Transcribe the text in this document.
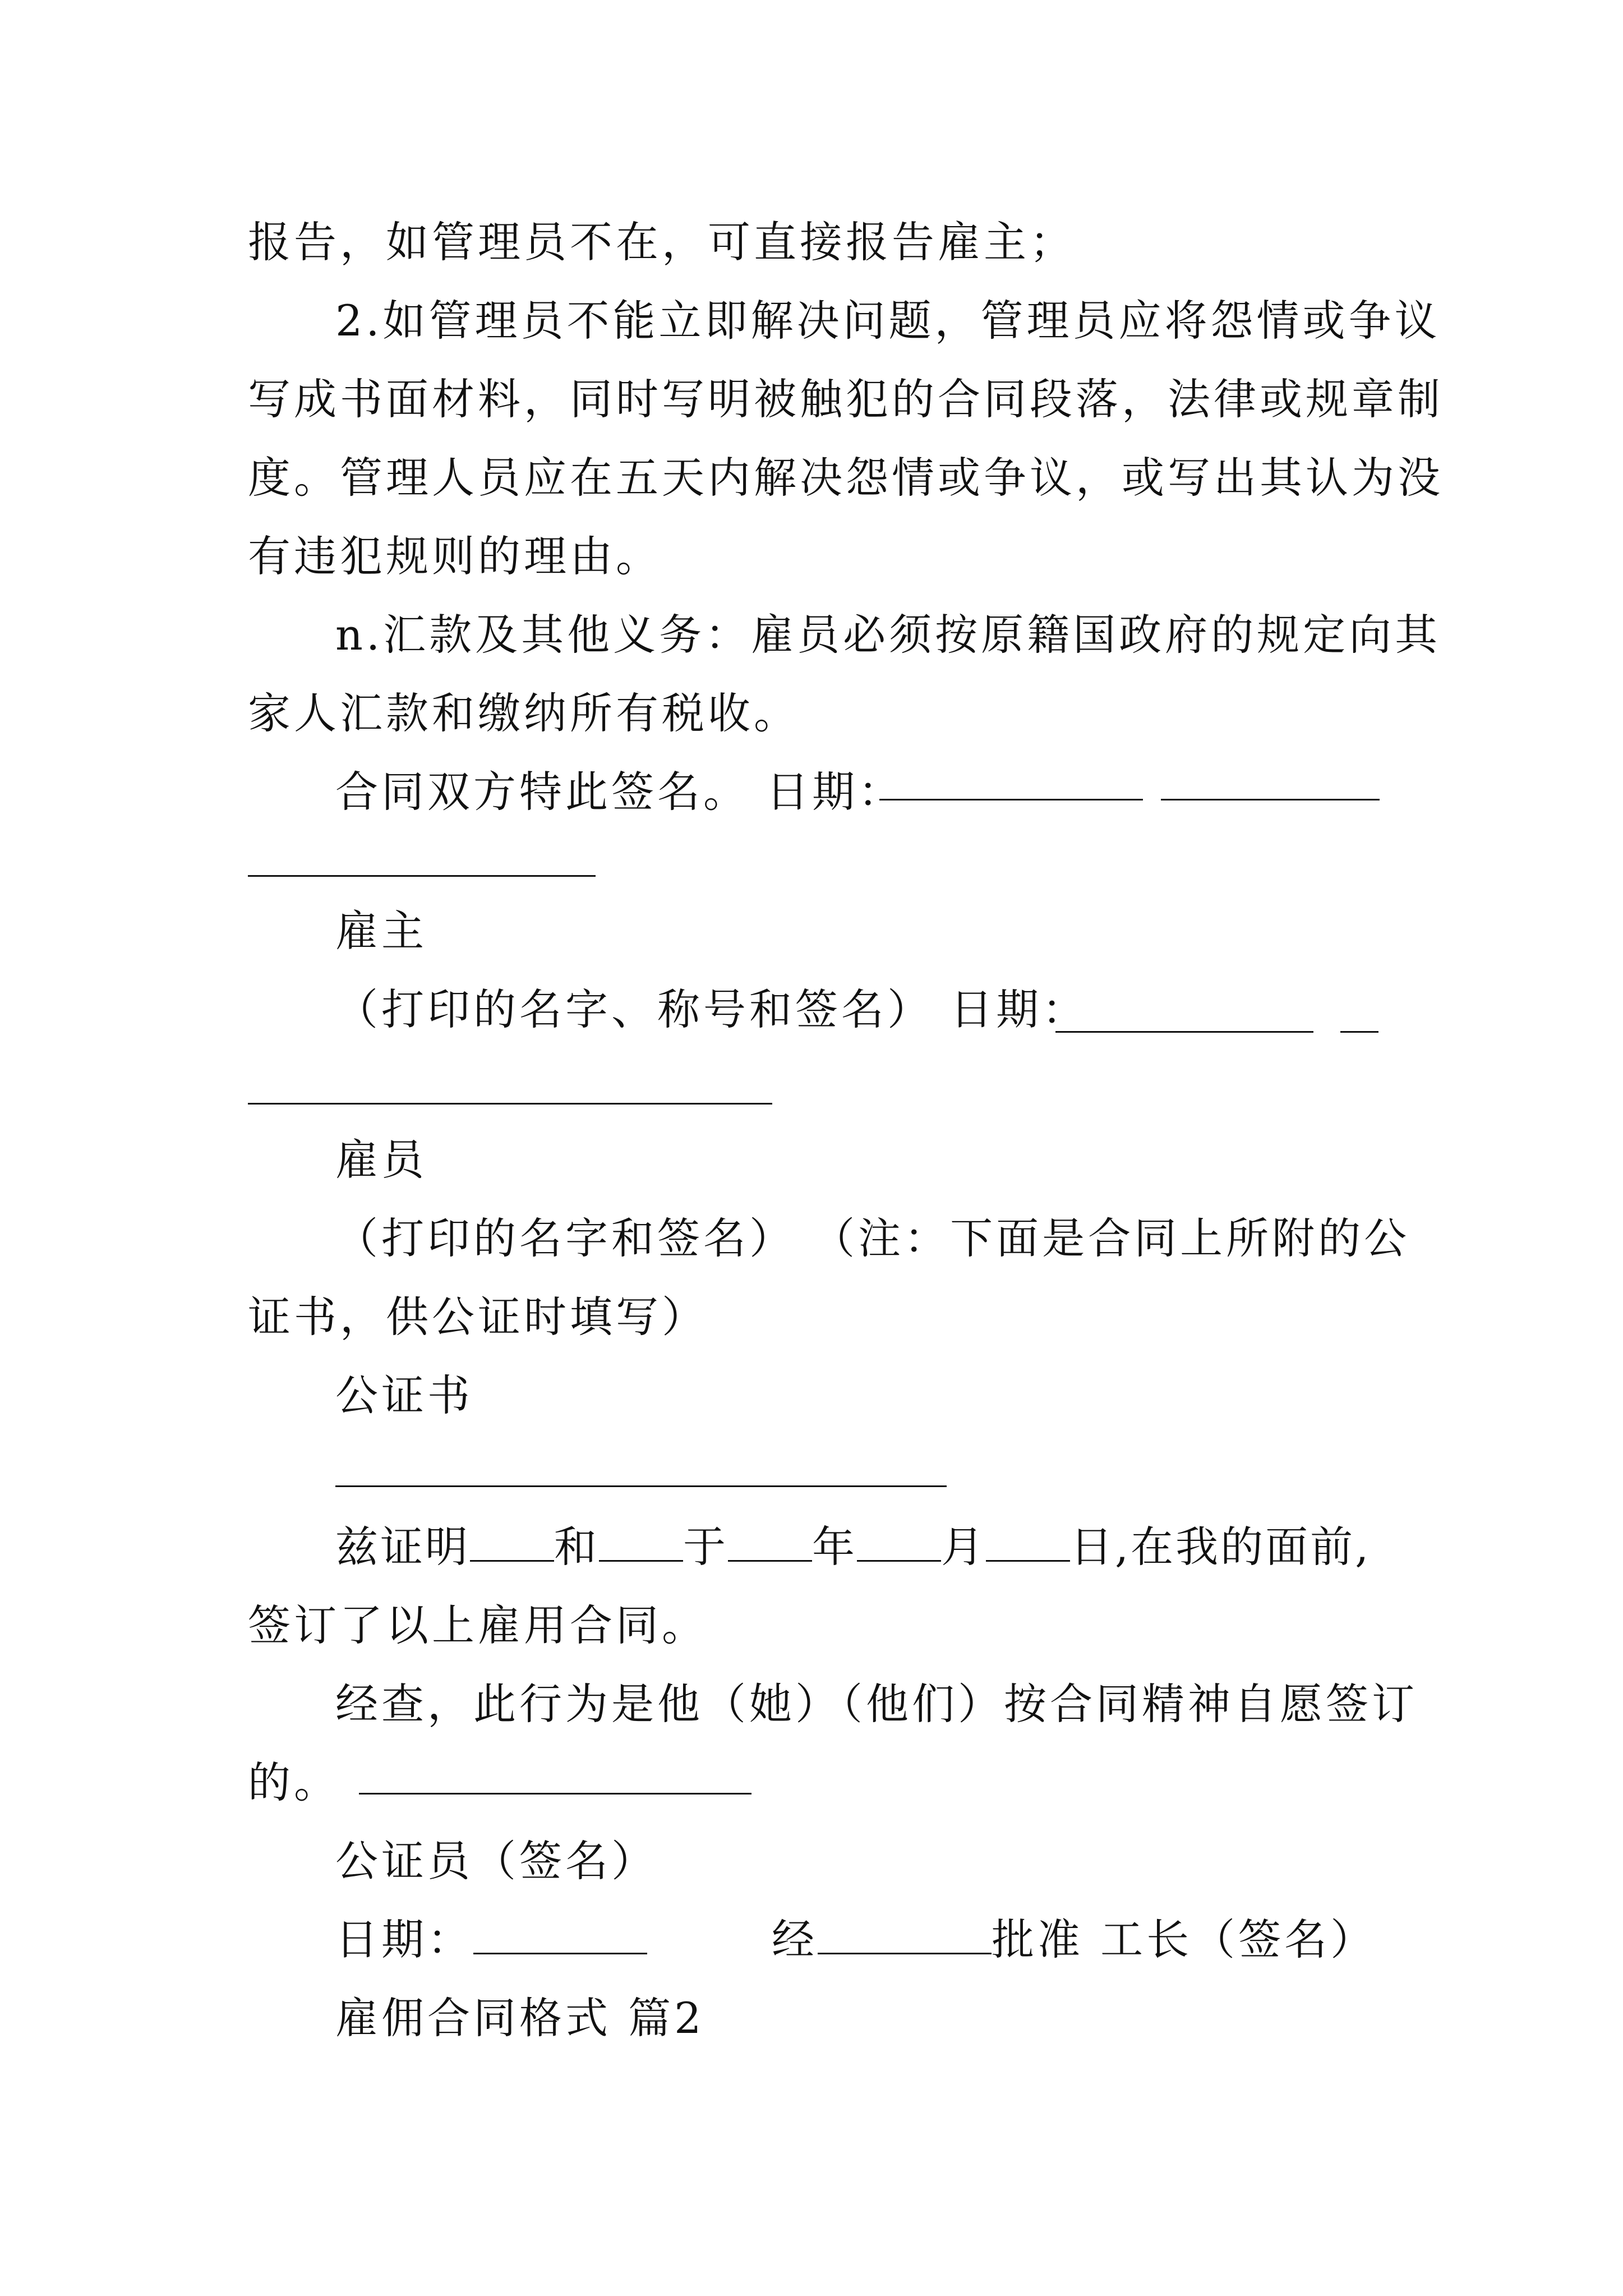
报告，如管理员不在，可直接报告雇主；
2.如管理员不能立即解决问题，管理员应将怨情或争议
写成书面材料，同时写明被触犯的合同段落，法律或规章制
度。管理人员应在五天内解决怨情或争议，或写出其认为没
有违犯规则的理由。
n.汇款及其他义务：雇员必须按原籍国政府的规定向其
家人汇款和缴纳所有税收。
合同双方特此签名。 日期：
雇主
（打印的名字、称号和签名） 日期：
雇员
（打印的名字和签名） （注：下面是合同上所附的公
证书，供公证时填写）
公证书
兹证明 和 于 年 月 日,在我的面前,
签订了以上雇用合同。
经查，此行为是他（她）（他们）按合同精神自愿签订
的。
公证员（签名）
日期：	经	批准 工长（签名）
雇佣合同格式 篇2
